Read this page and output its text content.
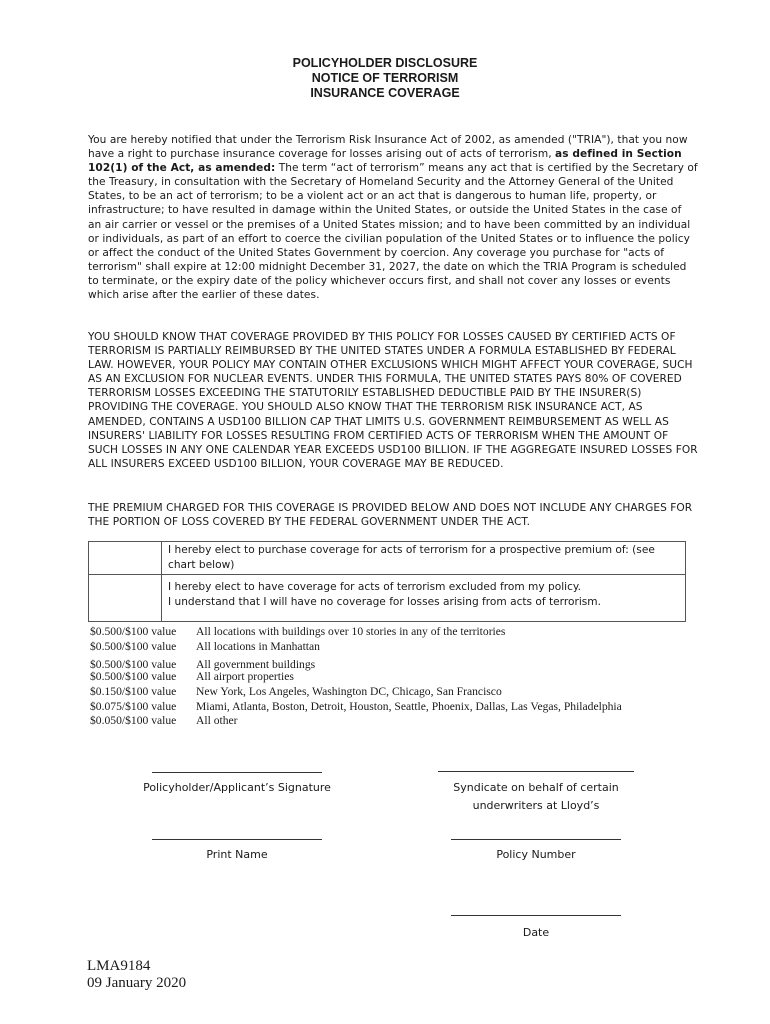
POLICYHOLDER DISCLOSURE
NOTICE OF TERRORISM
INSURANCE COVERAGE
You are hereby notified that under the Terrorism Risk Insurance Act of 2002, as amended ("TRIA"), that you now have a right to purchase insurance coverage for losses arising out of acts of terrorism, as defined in Section 102(1) of the Act, as amended: The term “act of terrorism” means any act that is certified by the Secretary of the Treasury, in consultation with the Secretary of Homeland Security and the Attorney General of the United States, to be an act of terrorism; to be a violent act or an act that is dangerous to human life, property, or infrastructure; to have resulted in damage within the United States, or outside the United States in the case of an air carrier or vessel or the premises of a United States mission; and to have been committed by an individual or individuals, as part of an effort to coerce the civilian population of the United States or to influence the policy or affect the conduct of the United States Government by coercion. Any coverage you purchase for "acts of terrorism" shall expire at 12:00 midnight December 31, 2027, the date on which the TRIA Program is scheduled to terminate, or the expiry date of the policy whichever occurs first, and shall not cover any losses or events which arise after the earlier of these dates.
YOU SHOULD KNOW THAT COVERAGE PROVIDED BY THIS POLICY FOR LOSSES CAUSED BY CERTIFIED ACTS OF TERRORISM IS PARTIALLY REIMBURSED BY THE UNITED STATES UNDER A FORMULA ESTABLISHED BY FEDERAL LAW. HOWEVER, YOUR POLICY MAY CONTAIN OTHER EXCLUSIONS WHICH MIGHT AFFECT YOUR COVERAGE, SUCH AS AN EXCLUSION FOR NUCLEAR EVENTS. UNDER THIS FORMULA, THE UNITED STATES PAYS 80% OF COVERED TERRORISM LOSSES EXCEEDING THE STATUTORILY ESTABLISHED DEDUCTIBLE PAID BY THE INSURER(S) PROVIDING THE COVERAGE. YOU SHOULD ALSO KNOW THAT THE TERRORISM RISK INSURANCE ACT, AS AMENDED, CONTAINS A USD100 BILLION CAP THAT LIMITS U.S. GOVERNMENT REIMBURSEMENT AS WELL AS INSURERS' LIABILITY FOR LOSSES RESULTING FROM CERTIFIED ACTS OF TERRORISM WHEN THE AMOUNT OF SUCH LOSSES IN ANY ONE CALENDAR YEAR EXCEEDS USD100 BILLION. IF THE AGGREGATE INSURED LOSSES FOR ALL INSURERS EXCEED USD100 BILLION, YOUR COVERAGE MAY BE REDUCED.
THE PREMIUM CHARGED FOR THIS COVERAGE IS PROVIDED BELOW AND DOES NOT INCLUDE ANY CHARGES FOR THE PORTION OF LOSS COVERED BY THE FEDERAL GOVERNMENT UNDER THE ACT.
	I hereby elect to purchase coverage for acts of terrorism for a prospective premium of: (see chart below)

	I hereby elect to have coverage for acts of terrorism excluded from my policy.
I understand that I will have no coverage for losses arising from acts of terrorism.
$0.500/$100 value	All locations with buildings over 10 stories in any of the territories
$0.500/$100 value	All locations in Manhattan
$0.500/$100 value	All government buildings
$0.500/$100 value	All airport properties
$0.150/$100 value	New York, Los Angeles, Washington DC, Chicago, San Francisco
$0.075/$100 value	Miami, Atlanta, Boston, Detroit, Houston, Seattle, Phoenix, Dallas, Las Vegas, Philadelphia
$0.050/$100 value	All other
Policyholder/Applicant’s Signature	Syndicate on behalf of certain
underwriters at Lloyd’s
Print Name	Policy Number
Date
LMA9184
09 January 2020
